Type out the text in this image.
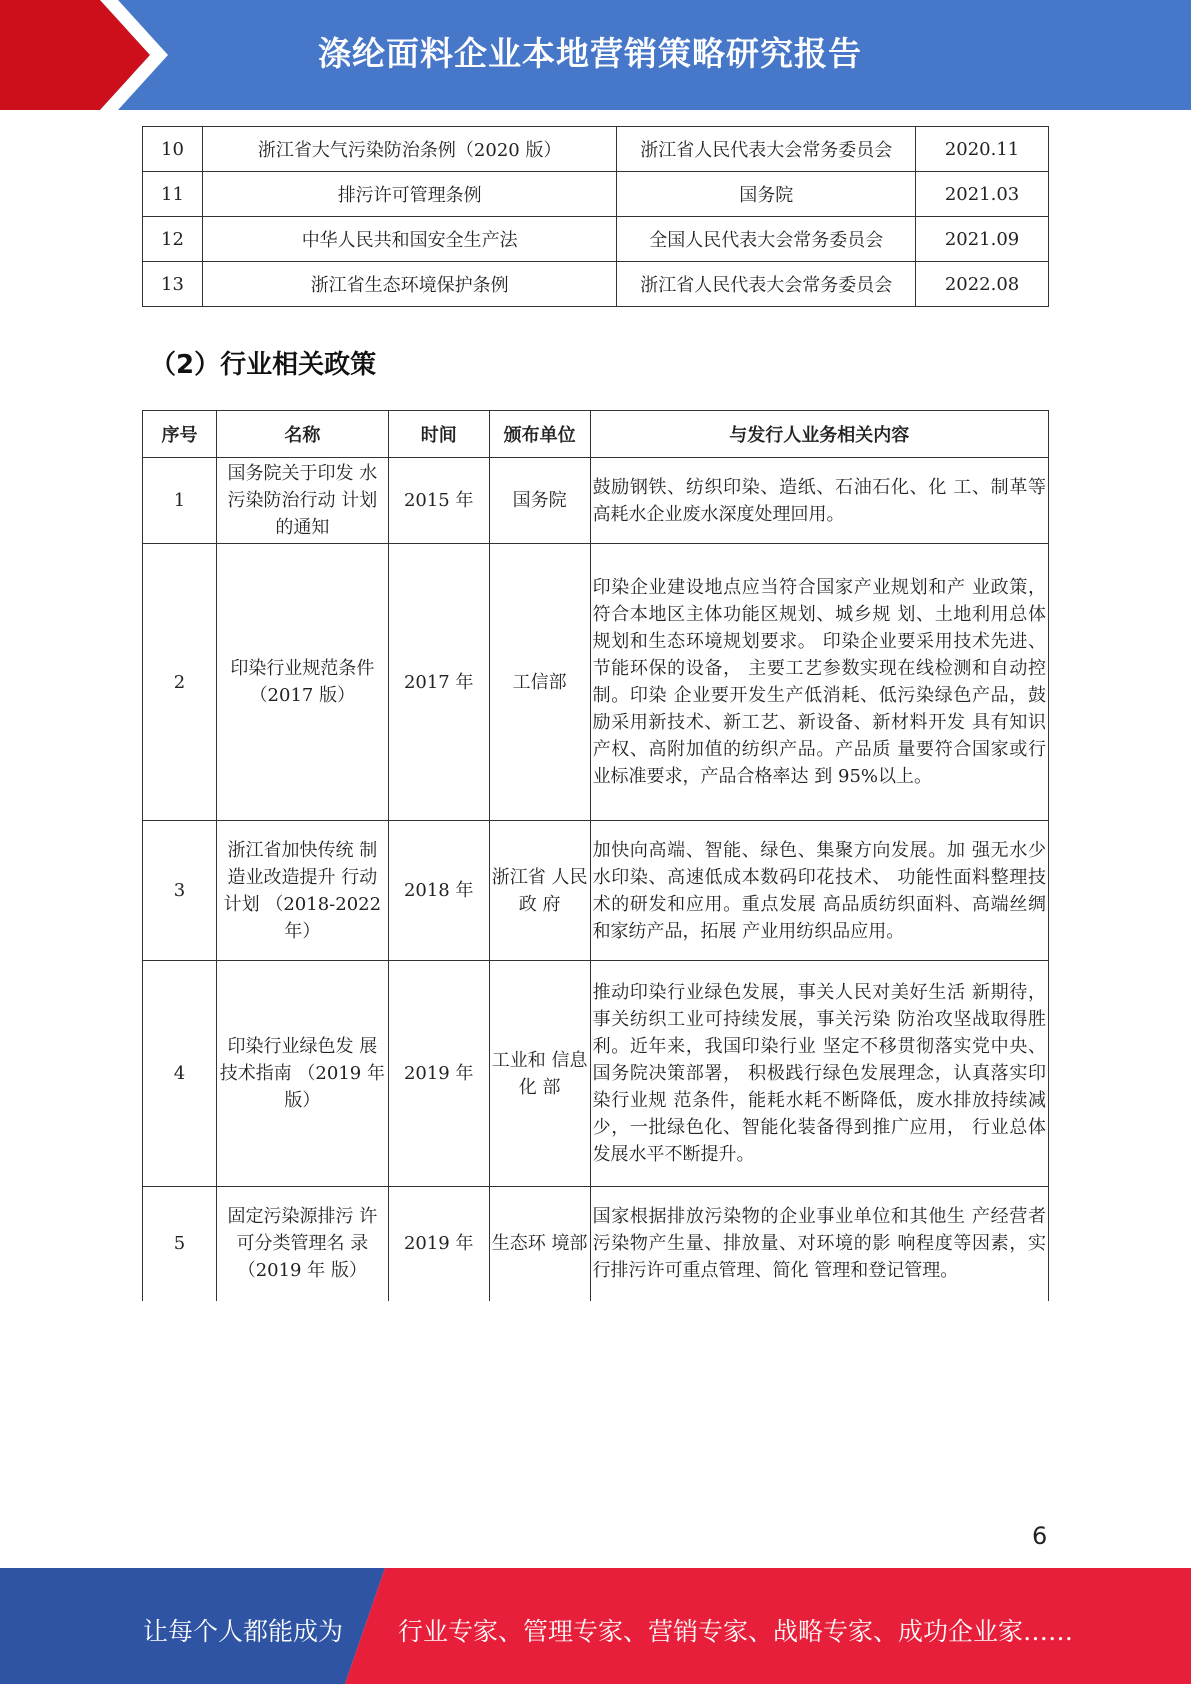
涤纶面料企业本地营销策略研究报告
10	浙江省大气污染防治条例（2020 版）	浙江省人民代表大会常务委员会	2020.11
11	排污许可管理条例	国务院	2021.03
12	中华人民共和国安全生产法	全国人民代表大会常务委员会	2021.09
13	浙江省生态环境保护条例	浙江省人民代表大会常务委员会	2022.08
（2）行业相关政策
序号	名称	时间	颁布单位	与发行人业务相关内容
1	国务院关于印发 水污染防治行动 计划的通知	2015 年	国务院	鼓励钢铁、纺织印染、造纸、石油石化、化 工、制革等高耗水企业废水深度处理回用。
2	印染行业规范条件（2017 版）	2017 年	工信部	印染企业建设地点应当符合国家产业规划和产 业政策，符合本地区主体功能区规划、城乡规 划、土地利用总体规划和生态环境规划要求。 印染企业要采用技术先进、节能环保的设备， 主要工艺参数实现在线检测和自动控制。印染 企业要开发生产低消耗、低污染绿色产品，鼓 励采用新技术、新工艺、新设备、新材料开发 具有知识产权、高附加值的纺织产品。产品质 量要符合国家或行业标准要求，产品合格率达 到 95%以上。
3	浙江省加快传统 制造业改造提升 行动计划 （2018-2022 年）	2018 年	浙江省 人民政 府	加快向高端、智能、绿色、集聚方向发展。加 强无水少水印染、高速低成本数码印花技术、 功能性面料整理技术的研发和应用。重点发展 高品质纺织面料、高端丝绸和家纺产品，拓展 产业用纺织品应用。
4	印染行业绿色发 展技术指南 （2019 年版）	2019 年	工业和 信息化 部	推动印染行业绿色发展，事关人民对美好生活 新期待，事关纺织工业可持续发展，事关污染 防治攻坚战取得胜利。近年来，我国印染行业 坚定不移贯彻落实党中央、国务院决策部署， 积极践行绿色发展理念，认真落实印染行业规 范条件，能耗水耗不断降低，废水排放持续减 少，一批绿色化、智能化装备得到推广应用， 行业总体发展水平不断提升。
5	固定污染源排污 许可分类管理名 录（2019 年 版）	2019 年	生态环 境部	国家根据排放污染物的企业事业单位和其他生 产经营者污染物产生量、排放量、对环境的影 响程度等因素，实行排污许可重点管理、简化 管理和登记管理。
6
让每个人都能成为 行业专家、管理专家、营销专家、战略专家、成功企业家……
